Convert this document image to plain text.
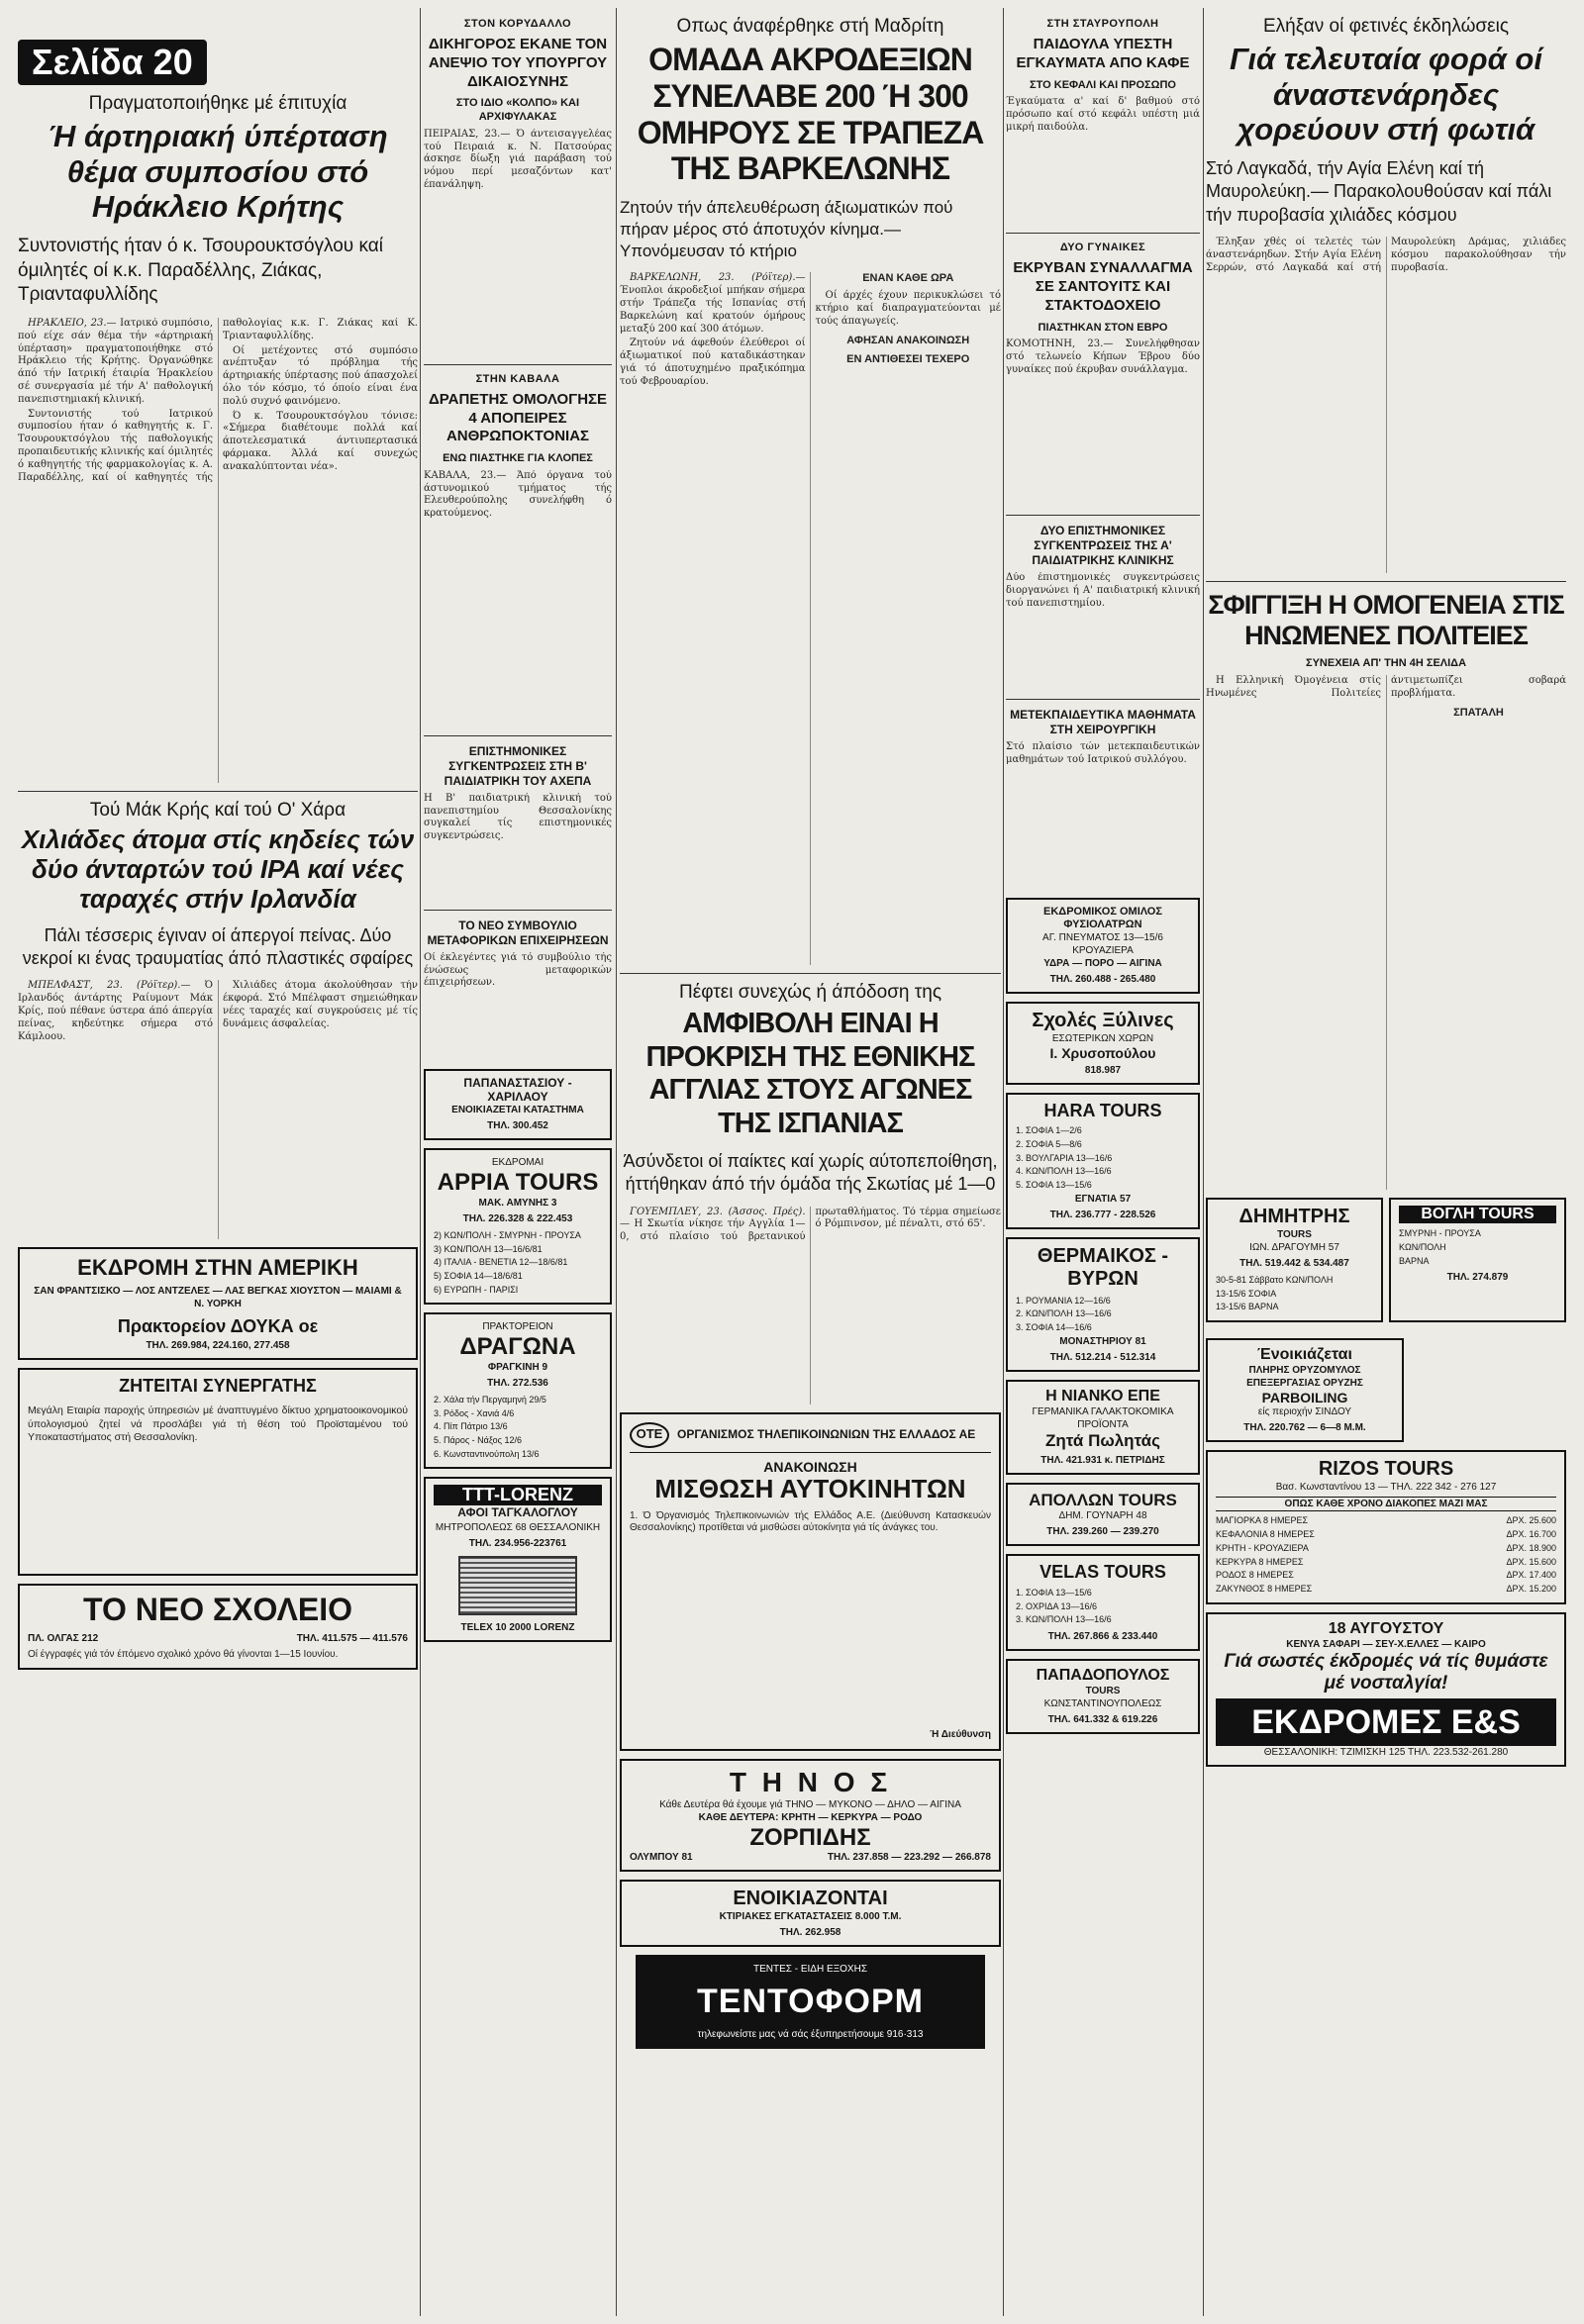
Σελίδα 20
Πραγματοποιήθηκε μέ έπιτυχία
Ή άρτηριακή ύπέρταση θέμα συμποσίου στό Ηράκλειο Κρήτης
Συντονιστής ήταν ό κ. Τσουρουκτσόγλου καί όμιλητές οί κ.κ. Παραδέλλης, Ζιάκας, Τριανταφυλλίδης

ΗΡΑΚΛΕΙΟ, 23.— Ιατρικό συμπόσιο, πού είχε σάν θέμα τήν «άρτηριακή ύπέρταση» πραγματοποιήθηκε στό Ηράκλειο τής Κρήτης. Όργανώθηκε άπό τήν Ιατρική έταιρία Ήρακλείου σέ συνεργασία μέ τήν Α' παθολογική πανεπιστημιακή κλινική.

Συντονιστής τού Ιατρικού συμποσίου ήταν ό καθηγητής κ. Γ. Τσουρουκτσόγλου τής παθολογικής προπαιδευτικής κλινικής καί όμιλητές ό καθηγητής τής φαρμακολογίας κ. Α. Παραδέλλης, καί οί καθηγητές τής παθολογίας κ.κ. Γ. Ζιάκας καί Κ. Τριανταφυλλίδης.

Οί μετέχοντες στό συμπόσιο ανέπτυξαν τό πρόβλημα τής άρτηριακής ύπέρτασης πού άπασχολεί όλο τόν κόσμο, τό όποίο είναι ένα πολύ συχνό φαινόμενο.

Ό κ. Τσουρουκτσόγλου τόνισε: «Σήμερα διαθέτουμε πολλά καί άποτελεσματικά άντιυπερτασικά φάρμακα. Άλλά καί συνεχώς ανακαλύπτονται νέα».

Τού Μάκ Κρής καί τού Ο' Χάρα
Χιλιάδες άτομα στίς κηδείες τών δύο άνταρτών τού ΙΡΑ καί νέες ταραχές στήν Ιρλανδία
Πάλι τέσσερις έγιναν οί άπεργοί πείνας. Δύο νεκροί κι ένας τραυματίας άπό πλαστικές σφαίρες

ΜΠΕΛΦΑΣΤ, 23. (Ρόϊτερ).— Ό Ιρλανδός άντάρτης Ραίυμοντ Μάκ Κρίς, πού πέθανε ύστερα άπό άπεργία πείνας, κηδεύτηκε σήμερα στό Κάμλοου.

Χιλιάδες άτομα άκολούθησαν τήν έκφορά. Στό Μπέλφαστ σημειώθηκαν νέες ταραχές καί συγκρούσεις μέ τίς δυνάμεις άσφαλείας.

ΕΚΔΡΟΜΗ ΣΤΗΝ ΑΜΕΡΙΚΗ
ΣΑΝ ΦΡΑΝΤΣΙΣΚΟ — ΛΟΣ ΑΝΤΖΕΛΕΣ — ΛΑΣ ΒΕΓΚΑΣ ΧΙΟΥΣΤΟΝ — ΜΑΙΑΜΙ & Ν. ΥΟΡΚΗ
Πρακτορείον ΔΟΥΚΑ οε
ΤΗΛ. 269.984, 224.160, 277.458
ΖΗΤΕΙΤΑΙ ΣΥΝΕΡΓΑΤΗΣ
Μεγάλη Εταιρία παροχής ύπηρεσιών μέ άναπτυγμένο δίκτυο χρηματοοικονομικού ύπολογισμού ζητεί νά προσλάβει γιά τή θέση τού Προϊσταμένου τού Υποκαταστήματος στή Θεσσαλονίκη.
ΤΟ ΝΕΟ ΣΧΟΛΕΙΟ
ΠΛ. ΟΛΓΑΣ 212	ΤΗΛ. 411.575 — 411.576
Οί έγγραφές γιά τόν έπόμενο σχολικό χρόνο θά γίνονται 1—15 Ιουνίου.
ΣΤΟΝ ΚΟΡΥΔΑΛΛΟ
ΔΙΚΗΓΟΡΟΣ ΕΚΑΝΕ ΤΟΝ ΑΝΕΨΙΟ ΤΟΥ ΥΠΟΥΡΓΟΥ ΔΙΚΑΙΟΣΥΝΗΣ
ΣΤΟ ΙΔΙΟ «ΚΟΛΠΟ» ΚΑΙ ΑΡΧΙΦΥΛΑΚΑΣ
ΠΕΙΡΑΙΑΣ, 23.— Ό άντεισαγγελέας τού Πειραιά κ. Ν. Πατσούρας άσκησε δίωξη γιά παράβαση τού νόμου περί μεσαζόντων κατ' έπανάληψη.
ΣΤΗΝ ΚΑΒΑΛΑ
ΔΡΑΠΕΤΗΣ ΟΜΟΛΟΓΗΣΕ 4 ΑΠΟΠΕΙΡΕΣ ΑΝΘΡΩΠΟΚΤΟΝΙΑΣ
ΕΝΩ ΠΙΑΣΤΗΚΕ ΓΙΑ ΚΛΟΠΕΣ
ΚΑΒΑΛΑ, 23.— Άπό όργανα τού άστυνομικού τμήματος τής Ελευθερούπολης συνελήφθη ό κρατούμενος.
ΕΠΙΣΤΗΜΟΝΙΚΕΣ ΣΥΓΚΕΝΤΡΩΣΕΙΣ ΣΤΗ Β' ΠΑΙΔΙΑΤΡΙΚΗ ΤΟΥ ΑΧΕΠΑ
Η Β' παιδιατρική κλινική τού πανεπιστημίου Θεσσαλονίκης συγκαλεί τίς επιστημονικές συγκεντρώσεις.
ΤΟ ΝΕΟ ΣΥΜΒΟΥΛΙΟ ΜΕΤΑΦΟΡΙΚΩΝ ΕΠΙΧΕΙΡΗΣΕΩΝ
Οί έκλεγέντες γιά τό συμβούλιο τής ένώσεως μεταφορικών έπιχειρήσεων.
ΠΑΠΑΝΑΣΤΑΣΙΟΥ - ΧΑΡΙΛΑΟΥ
ΕΝΟΙΚΙΑΖΕΤΑΙ ΚΑΤΑΣΤΗΜΑ
ΤΗΛ. 300.452
ΕΚΔΡΟΜΑΙ
APPIA TOURS
ΜΑΚ. ΑΜΥΝΗΣ 3
ΤΗΛ. 226.328 & 222.453
2) ΚΩΝ/ΠΟΛΗ - ΣΜΥΡΝΗ - ΠΡΟΥΣΑ
3) ΚΩΝ/ΠΟΛΗ 13—16/6/81
4) ΙΤΑΛΙΑ - ΒΕΝΕΤΙΑ 12—18/6/81
5) ΣΟΦΙΑ 14—18/6/81
6) ΕΥΡΩΠΗ - ΠΑΡΙΣΙ
ΠΡΑΚΤΟΡΕΙΟΝ
ΔΡΑΓΩΝΑ
ΦΡΑΓΚΙΝΗ 9
ΤΗΛ. 272.536
2. Χάλα τήν Περγαμηνή 29/5
3. Ρόδος - Χανιά 4/6
4. Πίπ Πάτριο 13/6
5. Πάρος - Νάξος 12/6
6. Κωνσταντινούπολη 13/6
TTT-LORENZ
ΑΦΟΙ ΤΑΓΚΑΛΟΓΛΟΥ
ΜΗΤΡΟΠΟΛΕΩΣ 68 ΘΕΣΣΑΛΟΝΙΚΗ
ΤΗΛ. 234.956-223761
TELEX 10 2000 LORENZ
Οπως άναφέρθηκε στή Μαδρίτη
ΟΜΑΔΑ ΑΚΡΟΔΕΞΙΩΝ ΣΥΝΕΛΑΒΕ 200 Ή 300 ΟΜΗΡΟΥΣ ΣΕ ΤΡΑΠΕΖΑ ΤΗΣ ΒΑΡΚΕΛΩΝΗΣ
Ζητούν τήν άπελευθέρωση άξιωματικών πού πήραν μέρος στό άποτυχόν κίνημα.— Υπονόμευσαν τό κτήριο

ΒΑΡΚΕΛΩΝΗ, 23. (Ρόϊτερ).— Ένοπλοι άκροδεξιοί μπήκαν σήμερα στήν Τράπεζα τής Ισπανίας στή Βαρκελώνη καί κρατούν όμήρους μεταξύ 200 καί 300 άτόμων.

Ζητούν νά άφεθούν έλεύθεροι οί άξιωματικοί πού καταδικάστηκαν γιά τό άποτυχημένο πραξικόπημα τού Φεβρουαρίου.

ΕΝΑΝ ΚΑΘΕ ΩΡΑ

Οί άρχές έχουν περικυκλώσει τό κτήριο καί διαπραγματεύονται μέ τούς άπαγωγείς.

ΑΦΗΣΑΝ ΑΝΑΚΟΙΝΩΣΗ
ΕΝ ΑΝΤΙΘΕΣΕΙ ΤΕΧΕΡΟ
Πέφτει συνεχώς ή άπόδοση της
ΑΜΦΙΒΟΛΗ ΕΙΝΑΙ Η ΠΡΟΚΡΙΣΗ ΤΗΣ ΕΘΝΙΚΗΣ ΑΓΓΛΙΑΣ ΣΤΟΥΣ ΑΓΩΝΕΣ ΤΗΣ ΙΣΠΑΝΙΑΣ
Άσύνδετοι οί παίκτες καί χωρίς αύτοπεποίθηση, ήττήθηκαν άπό τήν όμάδα τής Σκωτίας μέ 1—0

ΓΟΥΕΜΠΛΕΫ, 23. (Άσσος. Πρές).— Η Σκωτία νίκησε τήν Αγγλία 1—0, στό πλαίσιο τού βρετανικού πρωταθλήματος. Τό τέρμα σημείωσε ό Ρόμπινσον, μέ πέναλτι, στό 65'.

ΟΤΕ	ΟΡΓΑΝΙΣΜΟΣ ΤΗΛΕΠΙΚΟΙΝΩΝΙΩΝ ΤΗΣ ΕΛΛΑΔΟΣ ΑΕ
ΑΝΑΚΟΙΝΩΣΗ
ΜΙΣΘΩΣΗ ΑΥΤΟΚΙΝΗΤΩΝ
1. Ό Όργανισμός Τηλεπικοινωνιών τής Ελλάδος Α.Ε. (Διεύθυνση Κατασκευών Θεσσαλονίκης) προτίθεται νά μισθώσει αύτοκίνητα γιά τίς άνάγκες του.
Ή Διεύθυνση
Τ Η Ν Ο Σ
Κάθε Δευτέρα θά έχουμε γιά ΤΗΝΟ — ΜΥΚΟΝΟ — ΔΗΛΟ — ΑΙΓΙΝΑ
ΚΑΘΕ ΔΕΥΤΕΡΑ: ΚΡΗΤΗ — ΚΕΡΚΥΡΑ — ΡΟΔΟ
ΖΟΡΠΙΔΗΣ
ΟΛΥΜΠΟΥ 81	ΤΗΛ. 237.858 — 223.292 — 266.878
ΕΝΟΙΚΙΑΖΟΝΤΑΙ
ΚΤΙΡΙΑΚΕΣ ΕΓΚΑΤΑΣΤΑΣΕΙΣ 8.000 Τ.Μ.
ΤΗΛ. 262.958
ΤΕΝΤΕΣ - ΕΙΔΗ ΕΞΟΧΗΣ
ΤΕΝΤΟΦΟΡΜ
τηλεφωνείστε μας νά σάς έξυπηρετήσουμε 916·313
ΣΤΗ ΣΤΑΥΡΟΥΠΟΛΗ
ΠΑΙΔΟΥΛΑ ΥΠΕΣΤΗ ΕΓΚΑΥΜΑΤΑ ΑΠΟ ΚΑΦΕ
ΣΤΟ ΚΕΦΑΛΙ ΚΑΙ ΠΡΟΣΩΠΟ
Έγκαύματα α' καί δ' βαθμού στό πρόσωπο καί στό κεφάλι υπέστη μιά μικρή παιδούλα.
ΔΥΟ ΓΥΝΑΙΚΕΣ
ΕΚΡΥΒΑΝ ΣΥΝΑΛΛΑΓΜΑ ΣΕ ΣΑΝΤΟΥΙΤΣ ΚΑΙ ΣΤΑΚΤΟΔΟΧΕΙΟ
ΠΙΑΣΤΗΚΑΝ ΣΤΟΝ ΕΒΡΟ
ΚΟΜΟΤΗΝΗ, 23.— Συνελήφθησαν στό τελωνείο Κήπων Έβρου δύο γυναίκες πού έκρυβαν συνάλλαγμα.
ΔΥΟ ΕΠΙΣΤΗΜΟΝΙΚΕΣ ΣΥΓΚΕΝΤΡΩΣΕΙΣ ΤΗΣ Α' ΠΑΙΔΙΑΤΡΙΚΗΣ ΚΛΙΝΙΚΗΣ
Δύο έπιστημονικές συγκεντρώσεις διοργανώνει ή Α' παιδιατρική κλινική τού πανεπιστημίου.
ΜΕΤΕΚΠΑΙΔΕΥΤΙΚΑ ΜΑΘΗΜΑΤΑ ΣΤΗ ΧΕΙΡΟΥΡΓΙΚΗ
Στό πλαίσιο τών μετεκπαιδευτικών μαθημάτων τού Ιατρικού συλλόγου.
ΕΚΔΡΟΜΙΚΟΣ ΟΜΙΛΟΣ ΦΥΣΙΟΛΑΤΡΩΝ
ΑΓ. ΠΝΕΥΜΑΤΟΣ 13—15/6 ΚΡΟΥΑΖΙΕΡΑ
ΥΔΡΑ — ΠΟΡΟ — ΑΙΓΙΝΑ
ΤΗΛ. 260.488 - 265.480
Σχολές Ξύλινες
ΕΣΩΤΕΡΙΚΩΝ ΧΩΡΩΝ
Ι. Χρυσοπούλου
818.987
HARA TOURS
1. ΣΟΦΙΑ 1—2/6
2. ΣΟΦΙΑ 5—8/6
3. ΒΟΥΛΓΑΡΙΑ 13—16/6
4. ΚΩΝ/ΠΟΛΗ 13—16/6
5. ΣΟΦΙΑ 13—15/6
ΕΓΝΑΤΙΑ 57
ΤΗΛ. 236.777 - 228.526
ΘΕΡΜΑΙΚΟΣ - ΒΥΡΩΝ
1. ΡΟΥΜΑΝΙΑ 12—16/6
2. ΚΩΝ/ΠΟΛΗ 13—16/6
3. ΣΟΦΙΑ 14—16/6
ΜΟΝΑΣΤΗΡΙΟΥ 81
ΤΗΛ. 512.214 - 512.314
Η ΝΙΑΝΚΟ ΕΠΕ
ΓΕΡΜΑΝΙΚΑ ΓΑΛΑΚΤΟΚΟΜΙΚΑ ΠΡΟΪΟΝΤΑ
Ζητά Πωλητάς
ΤΗΛ. 421.931 κ. ΠΕΤΡΙΔΗΣ
ΑΠΟΛΛΩΝ TOURS
ΔΗΜ. ΓΟΥΝΑΡΗ 48
ΤΗΛ. 239.260 — 239.270
VELAS TOURS
1. ΣΟΦΙΑ 13—15/6
2. ΟΧΡΙΔΑ 13—16/6
3. ΚΩΝ/ΠΟΛΗ 13—16/6
ΤΗΛ. 267.866 & 233.440
ΠΑΠΑΔΟΠΟΥΛΟΣ
TOURS
ΚΩΝΣΤΑΝΤΙΝΟΥΠΟΛΕΩΣ
ΤΗΛ. 641.332 & 619.226
Ελήξαν οί φετινές έκδηλώσεις
Γιά τελευταία φορά οί άναστενάρηδες χορεύουν στή φωτιά
Στό Λαγκαδά, τήν Αγία Ελένη καί τή Μαυρολεύκη.— Παρακολουθούσαν καί πάλι τήν πυροβασία χιλιάδες κόσμου

Έληξαν χθές οί τελετές τών άναστενάρηδων. Στήν Αγία Ελένη Σερρών, στό Λαγκαδά καί στή Μαυρολεύκη Δράμας, χιλιάδες κόσμου παρακολούθησαν τήν πυροβασία.

ΣΦΙΓΓΙΞΗ Η ΟΜΟΓΕΝΕΙΑ ΣΤΙΣ ΗΝΩΜΕΝΕΣ ΠΟΛΙΤΕΙΕΣ
ΣΥΝΕΧΕΙΑ ΑΠ' ΤΗΝ 4Η ΣΕΛΙΔΑ

Η Ελληνική Όμογένεια στίς Ηνωμένες Πολιτείες άντιμετωπίζει σοβαρά προβλήματα.

ΣΠΑΤΑΛΗ
ΔΗΜΗΤΡΗΣ
TOURS
ΙΩΝ. ΔΡΑΓΟΥΜΗ 57
ΤΗΛ. 519.442 & 534.487
30-5-81 Σάββατο ΚΩΝ/ΠΟΛΗ
13-15/6 ΣΟΦΙΑ
13-15/6 ΒΑΡΝΑ
ΒΟΓΛΗ TOURS
ΣΜΥΡΝΗ - ΠΡΟΥΣΑ
ΚΩΝ/ΠΟΛΗ
ΒΑΡΝΑ
ΤΗΛ. 274.879
Ένοικιάζεται
ΠΛΗΡΗΣ ΟΡΥΖΟΜΥΛΟΣ ΕΠΕΞΕΡΓΑΣΙΑΣ ΟΡΥΖΗΣ
PARBOILING
είς περιοχήν ΣΙΝΔΟΥ
ΤΗΛ. 220.762 — 6—8 Μ.Μ.
RIZOS TOURS
Βασ. Κωνσταντίνου 13 — ΤΗΛ. 222 342 - 276 127
ΟΠΩΣ ΚΑΘΕ ΧΡΟΝΟ ΔΙΑΚΟΠΕΣ ΜΑΖΙ ΜΑΣ
ΜΑΓΙΟΡΚΑ 8 ΗΜΕΡΕΣ	ΔΡΧ. 25.600
ΚΕΦΑΛΟΝΙΑ 8 ΗΜΕΡΕΣ	ΔΡΧ. 16.700
ΚΡΗΤΗ - ΚΡΟΥΑΖΙΕΡΑ	ΔΡΧ. 18.900
ΚΕΡΚΥΡΑ 8 ΗΜΕΡΕΣ	ΔΡΧ. 15.600
ΡΟΔΟΣ 8 ΗΜΕΡΕΣ	ΔΡΧ. 17.400
ΖΑΚΥΝΘΟΣ 8 ΗΜΕΡΕΣ	ΔΡΧ. 15.200
18 ΑΥΓΟΥΣΤΟΥ
ΚΕΝΥΑ ΣΑΦΑΡΙ — ΣΕΥ-Χ.ΕΛΛΕΣ — ΚΑΙΡΟ
Γιά σωστές έκδρομές νά τίς θυμάστε μέ νοσταλγία!
ΕΚΔΡΟΜΕΣ E&S
ΘΕΣΣΑΛΟΝΙΚΗ: ΤΖΙΜΙΣΚΗ 125 ΤΗΛ. 223.532-261.280
